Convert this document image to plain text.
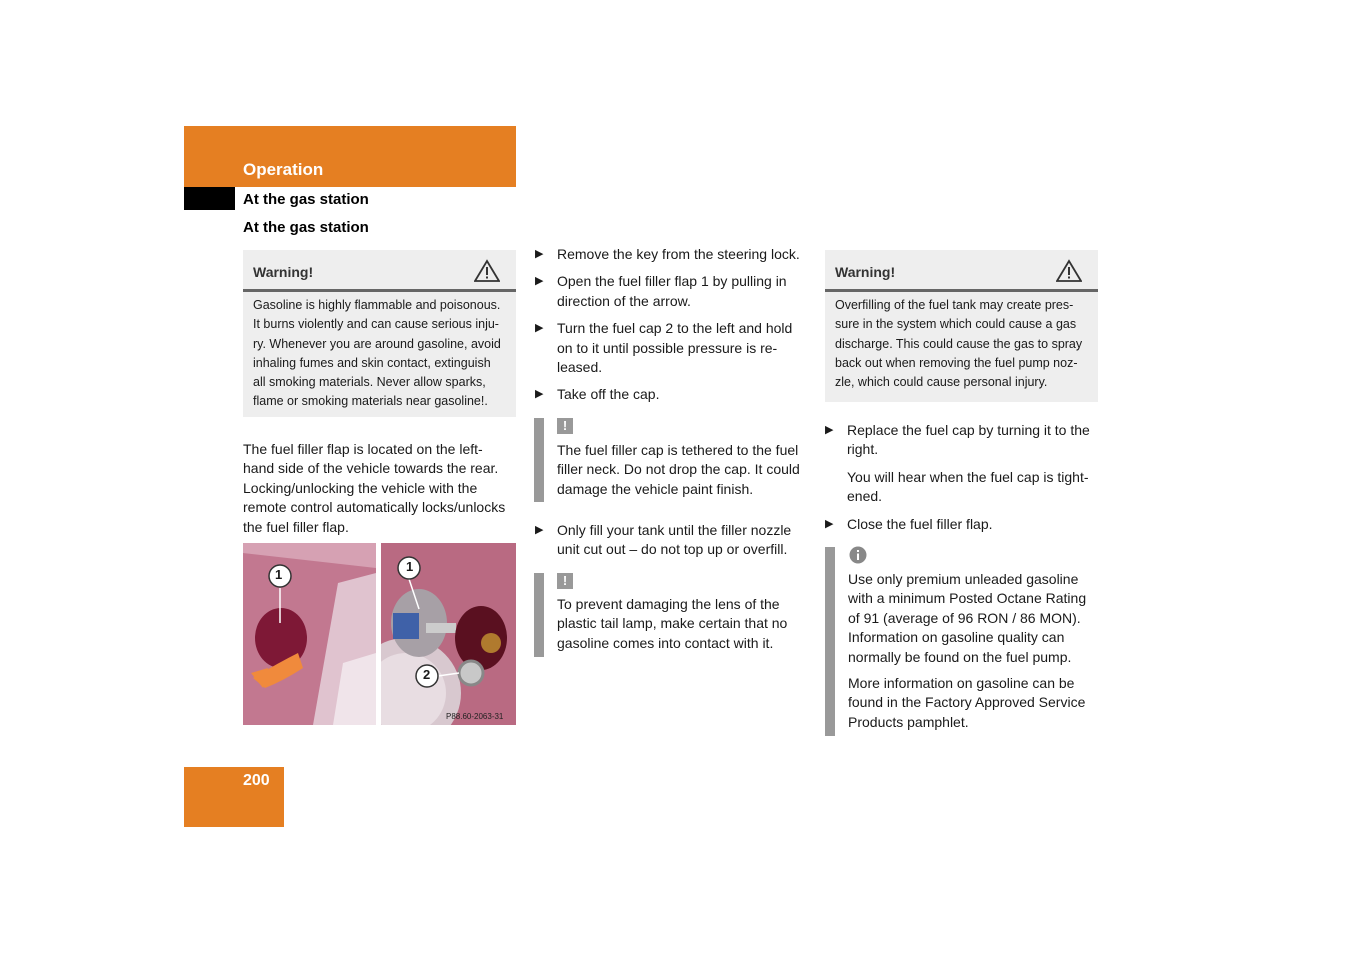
Operation
At the gas station
At the gas station
Warning!
Gasoline is highly flammable and poisonous. It burns violently and can cause serious inju-ry. Whenever you are around gasoline, avoid inhaling fumes and skin contact, extinguish all smoking materials. Never allow sparks, flame or smoking materials near gasoline!.
The fuel filler flap is located on the left-hand side of the vehicle towards the rear. Locking/unlocking the vehicle with the remote control automatically locks/unlocks the fuel filler flap.
1
1
2
P88.60-2063-31
▶ Remove the key from the steering lock.
▶ Open the fuel filler flap 1 by pulling in direction of the arrow.
▶ Turn the fuel cap 2 to the left and hold on to it until possible pressure is re-leased.
▶ Take off the cap.
!
The fuel filler cap is tethered to the fuel filler neck. Do not drop the cap. It could damage the vehicle paint finish.
▶ Only fill your tank until the filler nozzle unit cut out – do not top up or overfill.
!
To prevent damaging the lens of the plastic tail lamp, make certain that no gasoline comes into contact with it.
Warning!
Overfilling of the fuel tank may create pres-sure in the system which could cause a gas discharge. This could cause the gas to spray back out when removing the fuel pump noz-zle, which could cause personal injury.
▶ Replace the fuel cap by turning it to the right.
You will hear when the fuel cap is tight-ened.
▶ Close the fuel filler flap.
Use only premium unleaded gasoline with a minimum Posted Octane Rating of 91 (average of 96 RON / 86 MON). Information on gasoline quality can normally be found on the fuel pump.
More information on gasoline can be found in the Factory Approved Service Products pamphlet.
200
